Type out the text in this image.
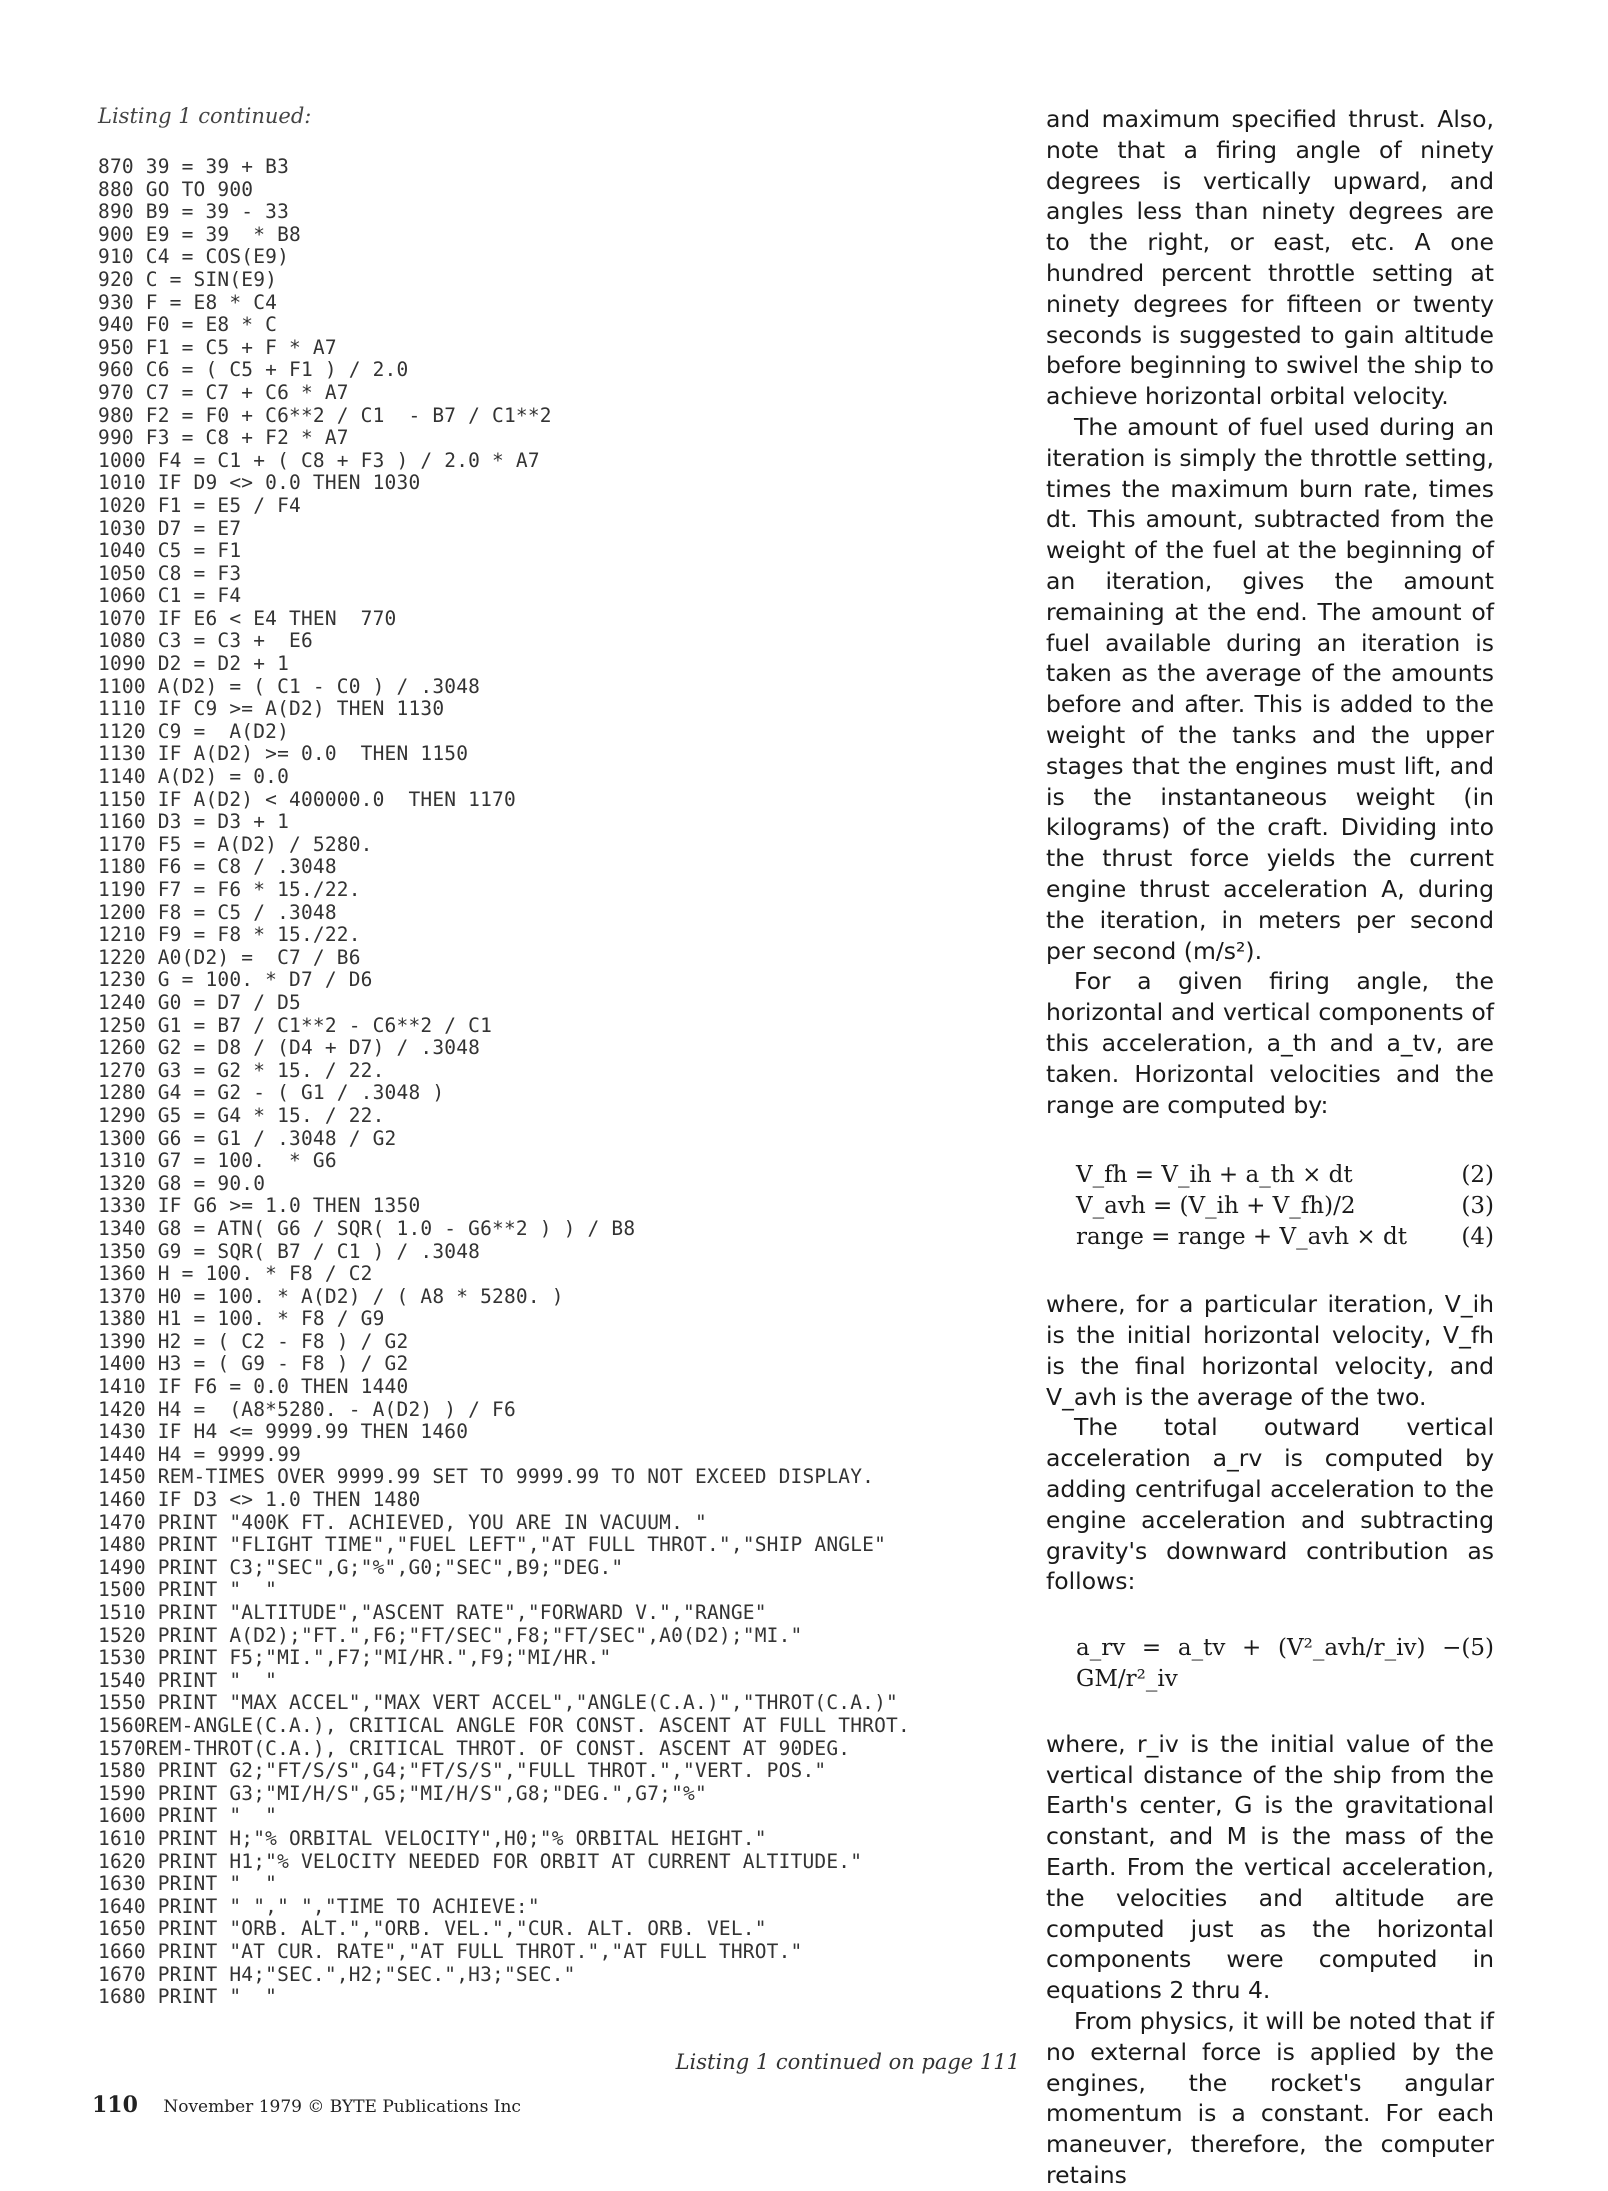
Listing 1 continued:
870 39 = 39 + B3
880 GO TO 900
890 B9 = 39 - 33
900 E9 = 39  * B8
910 C4 = COS(E9)
920 C = SIN(E9)
930 F = E8 * C4
940 F0 = E8 * C
950 F1 = C5 + F * A7
960 C6 = ( C5 + F1 ) / 2.0
970 C7 = C7 + C6 * A7
980 F2 = F0 + C6**2 / C1  - B7 / C1**2
990 F3 = C8 + F2 * A7
1000 F4 = C1 + ( C8 + F3 ) / 2.0 * A7
1010 IF D9 <> 0.0 THEN 1030
1020 F1 = E5 / F4
1030 D7 = E7
1040 C5 = F1
1050 C8 = F3
1060 C1 = F4
1070 IF E6 < E4 THEN  770
1080 C3 = C3 +  E6
1090 D2 = D2 + 1
1100 A(D2) = ( C1 - C0 ) / .3048
1110 IF C9 >= A(D2) THEN 1130
1120 C9 =  A(D2)
1130 IF A(D2) >= 0.0  THEN 1150
1140 A(D2) = 0.0
1150 IF A(D2) < 400000.0  THEN 1170
1160 D3 = D3 + 1
1170 F5 = A(D2) / 5280.
1180 F6 = C8 / .3048
1190 F7 = F6 * 15./22.
1200 F8 = C5 / .3048
1210 F9 = F8 * 15./22.
1220 A0(D2) =  C7 / B6
1230 G = 100. * D7 / D6
1240 G0 = D7 / D5
1250 G1 = B7 / C1**2 - C6**2 / C1
1260 G2 = D8 / (D4 + D7) / .3048
1270 G3 = G2 * 15. / 22.
1280 G4 = G2 - ( G1 / .3048 )
1290 G5 = G4 * 15. / 22.
1300 G6 = G1 / .3048 / G2
1310 G7 = 100.  * G6
1320 G8 = 90.0
1330 IF G6 >= 1.0 THEN 1350
1340 G8 = ATN( G6 / SQR( 1.0 - G6**2 ) ) / B8
1350 G9 = SQR( B7 / C1 ) / .3048
1360 H = 100. * F8 / C2
1370 H0 = 100. * A(D2) / ( A8 * 5280. )
1380 H1 = 100. * F8 / G9
1390 H2 = ( C2 - F8 ) / G2
1400 H3 = ( G9 - F8 ) / G2
1410 IF F6 = 0.0 THEN 1440
1420 H4 =  (A8*5280. - A(D2) ) / F6
1430 IF H4 <= 9999.99 THEN 1460
1440 H4 = 9999.99
1450 REM-TIMES OVER 9999.99 SET TO 9999.99 TO NOT EXCEED DISPLAY.
1460 IF D3 <> 1.0 THEN 1480
1470 PRINT "400K FT. ACHIEVED, YOU ARE IN VACUUM. "
1480 PRINT "FLIGHT TIME","FUEL LEFT","AT FULL THROT.","SHIP ANGLE"
1490 PRINT C3;"SEC",G;"%",G0;"SEC",B9;"DEG."
1500 PRINT "  "
1510 PRINT "ALTITUDE","ASCENT RATE","FORWARD V.","RANGE"
1520 PRINT A(D2);"FT.",F6;"FT/SEC",F8;"FT/SEC",A0(D2);"MI."
1530 PRINT F5;"MI.",F7;"MI/HR.",F9;"MI/HR."
1540 PRINT "  "
1550 PRINT "MAX ACCEL","MAX VERT ACCEL","ANGLE(C.A.)","THROT(C.A.)"
1560REM-ANGLE(C.A.), CRITICAL ANGLE FOR CONST. ASCENT AT FULL THROT.
1570REM-THROT(C.A.), CRITICAL THROT. OF CONST. ASCENT AT 90DEG.
1580 PRINT G2;"FT/S/S",G4;"FT/S/S","FULL THROT.","VERT. POS."
1590 PRINT G3;"MI/H/S",G5;"MI/H/S",G8;"DEG.",G7;"%"
1600 PRINT "  "
1610 PRINT H;"% ORBITAL VELOCITY",H0;"% ORBITAL HEIGHT."
1620 PRINT H1;"% VELOCITY NEEDED FOR ORBIT AT CURRENT ALTITUDE."
1630 PRINT "  "
1640 PRINT " "," ","TIME TO ACHIEVE:"
1650 PRINT "ORB. ALT.","ORB. VEL.","CUR. ALT. ORB. VEL."
1660 PRINT "AT CUR. RATE","AT FULL THROT.","AT FULL THROT."
1670 PRINT H4;"SEC.",H2;"SEC.",H3;"SEC."
1680 PRINT "  "
Listing 1 continued on page 111

and maximum specified thrust. Also, note that a firing angle of ninety degrees is vertically upward, and angles less than ninety degrees are to the right, or east, etc. A one hundred percent throttle setting at ninety degrees for fifteen or twenty seconds is suggested to gain altitude before beginning to swivel the ship to achieve horizontal orbital velocity.

The amount of fuel used during an iteration is simply the throttle setting, times the maximum burn rate, times dt. This amount, subtracted from the weight of the fuel at the beginning of an iteration, gives the amount remaining at the end. The amount of fuel available during an iteration is taken as the average of the amounts before and after. This is added to the weight of the tanks and the upper stages that the engines must lift, and is the instantaneous weight (in kilograms) of the craft. Dividing into the thrust force yields the current engine thrust acceleration A, during the iteration, in meters per second per second (m/s²).

For a given firing angle, the horizontal and vertical components of this acceleration, a_th and a_tv, are taken. Horizontal velocities and the range are computed by:

V_fh = V_ih + a_th × dt	(2)
V_avh = (V_ih + V_fh)/2	(3)
range = range + V_avh × dt (4)

where, for a particular iteration, V_ih is the initial horizontal velocity, V_fh is the final horizontal velocity, and V_avh is the average of the two.

The total outward vertical acceleration a_rv is computed by adding centrifugal acceleration to the engine acceleration and subtracting gravity's downward contribution as follows:

a_rv = a_tv + (V²_avh/r_iv) − GM/r²_iv
(5)

where, r_iv is the initial value of the vertical distance of the ship from the Earth's center, G is the gravitational constant, and M is the mass of the Earth. From the vertical acceleration, the velocities and altitude are computed just as the horizontal components were computed in equations 2 thru 4.

From physics, it will be noted that if no external force is applied by the engines, the rocket's angular momentum is a constant. For each maneuver, therefore, the computer retains

110 November 1979 © BYTE Publications Inc
